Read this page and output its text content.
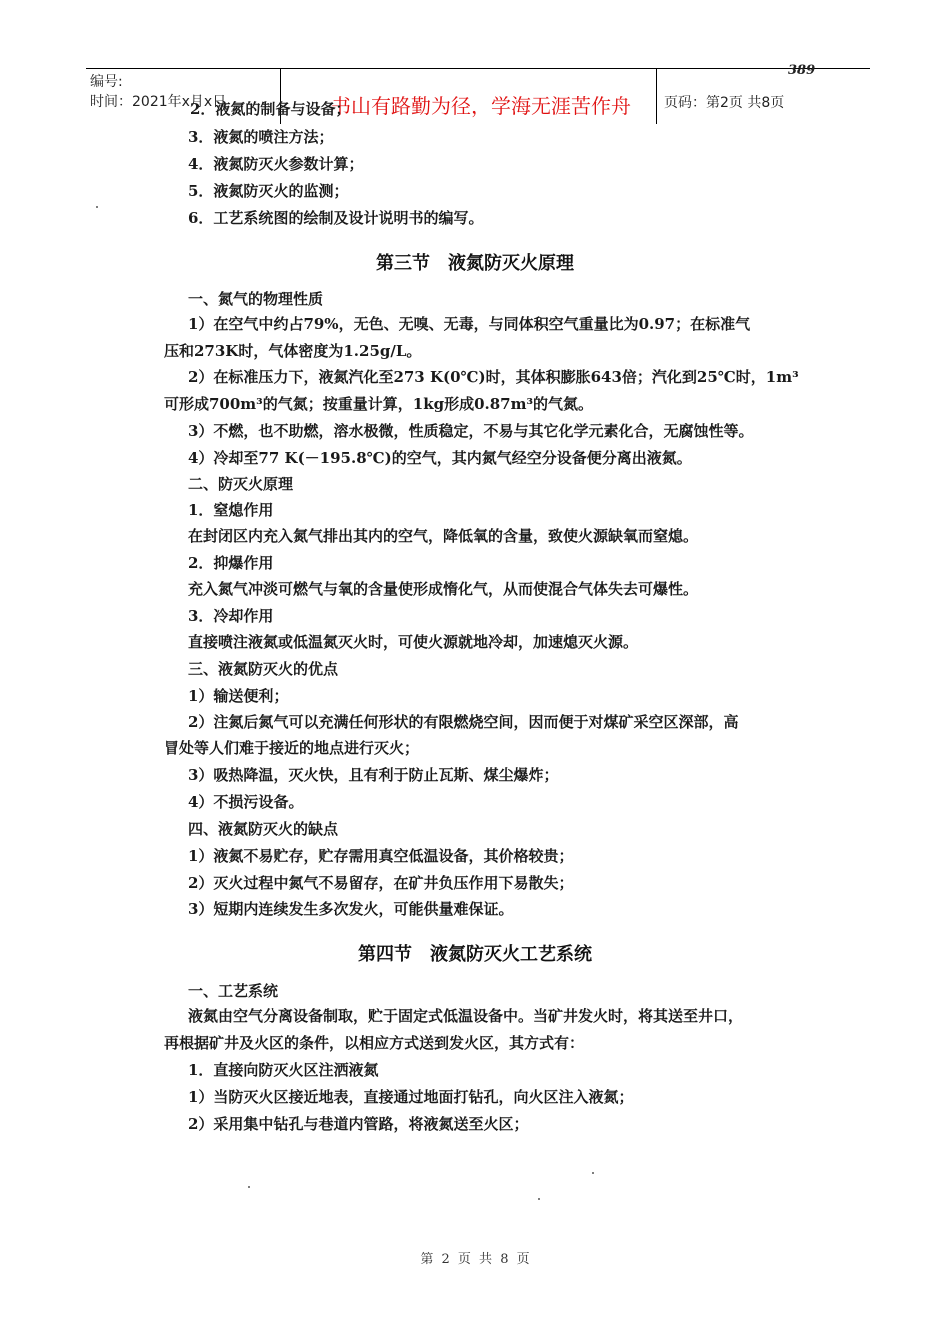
编号:
时间：2021年x月x日	书山有路勤为径，学海无涯苦作舟	页码：第2页 共8页
389
2．液氮的制备与设备；
3．液氮的喷注方法；
4．液氮防灭火参数计算；
5．液氮防灭火的监测；
6．工艺系统图的绘制及设计说明书的编写。
第三节　液氮防灭火原理
一、氮气的物理性质
1）在空气中约占79%，无色、无嗅、无毒，与同体积空气重量比为0.97；在标准气
压和273K时，气体密度为1.25g/L。
2）在标准压力下，液氮汽化至273 K(0℃)时，其体积膨胀643倍；汽化到25℃时，1m³
可形成700m³的气氮；按重量计算，1kg形成0.87m³的气氮。
3）不燃，也不助燃，溶水极微，性质稳定，不易与其它化学元素化合，无腐蚀性等。
4）冷却至77 K(－195.8℃)的空气，其内氮气经空分设备便分离出液氮。
二、防灭火原理
1．窒熄作用
在封闭区内充入氮气排出其内的空气，降低氧的含量，致使火源缺氧而窒熄。
2．抑爆作用
充入氮气冲淡可燃气与氧的含量使形成惰化气，从而使混合气体失去可爆性。
3．冷却作用
直接喷注液氮或低温氮灭火时，可使火源就地冷却，加速熄灭火源。
三、液氮防灭火的优点
1）输送便利；
2）注氮后氮气可以充满任何形状的有限燃烧空间，因而便于对煤矿采空区深部，高
冒处等人们难于接近的地点进行灭火；
3）吸热降温，灭火快，且有利于防止瓦斯、煤尘爆炸；
4）不损污设备。
四、液氮防灭火的缺点
1）液氮不易贮存，贮存需用真空低温设备，其价格较贵；
2）灭火过程中氮气不易留存，在矿井负压作用下易散失；
3）短期内连续发生多次发火，可能供量难保证。
第四节　液氮防灭火工艺系统
一、工艺系统
液氮由空气分离设备制取，贮于固定式低温设备中。当矿井发火时，将其送至井口，
再根据矿井及火区的条件，以相应方式送到发火区，其方式有：
1．直接向防灭火区注洒液氮
1）当防灭火区接近地表，直接通过地面打钻孔，向火区注入液氮；
2）采用集中钻孔与巷道内管路，将液氮送至火区；
第 2 页 共 8 页
